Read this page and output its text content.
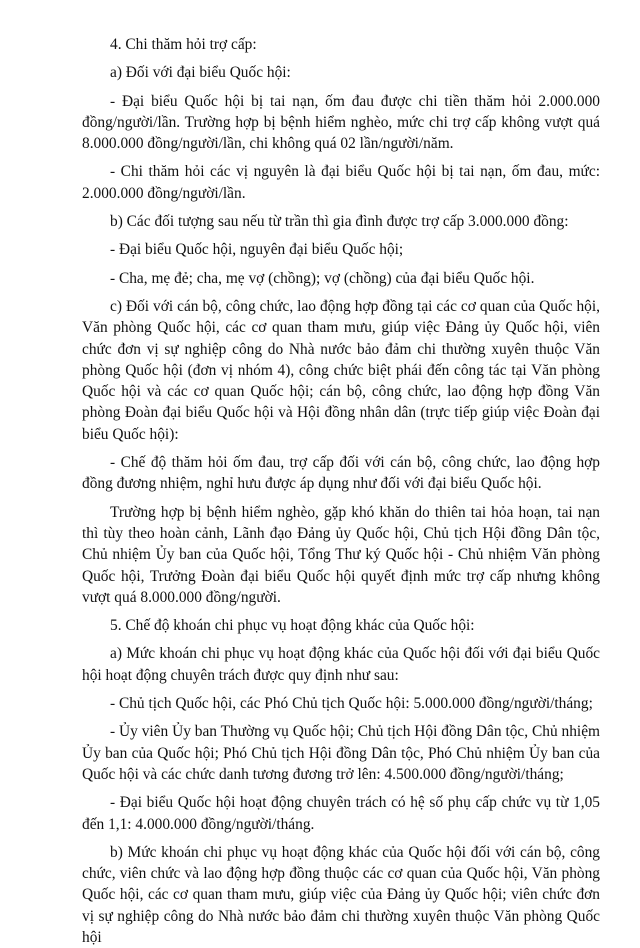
4. Chi thăm hỏi trợ cấp:

a) Đối với đại biểu Quốc hội:

- Đại biểu Quốc hội bị tai nạn, ốm đau được chi tiền thăm hỏi 2.000.000 đồng/người/lần. Trường hợp bị bệnh hiểm nghèo, mức chi trợ cấp không vượt quá 8.000.000 đồng/người/lần, chi không quá 02 lần/người/năm.

- Chi thăm hỏi các vị nguyên là đại biểu Quốc hội bị tai nạn, ốm đau, mức: 2.000.000 đồng/người/lần.

b) Các đối tượng sau nếu từ trần thì gia đình được trợ cấp 3.000.000 đồng:

- Đại biểu Quốc hội, nguyên đại biểu Quốc hội;

- Cha, mẹ đẻ; cha, mẹ vợ (chồng); vợ (chồng) của đại biểu Quốc hội.

c) Đối với cán bộ, công chức, lao động hợp đồng tại các cơ quan của Quốc hội, Văn phòng Quốc hội, các cơ quan tham mưu, giúp việc Đảng ủy Quốc hội, viên chức đơn vị sự nghiệp công do Nhà nước bảo đảm chi thường xuyên thuộc Văn phòng Quốc hội (đơn vị nhóm 4), công chức biệt phái đến công tác tại Văn phòng Quốc hội và các cơ quan Quốc hội; cán bộ, công chức, lao động hợp đồng Văn phòng Đoàn đại biểu Quốc hội và Hội đồng nhân dân (trực tiếp giúp việc Đoàn đại biểu Quốc hội):

- Chế độ thăm hỏi ốm đau, trợ cấp đối với cán bộ, công chức, lao động hợp đồng đương nhiệm, nghỉ hưu được áp dụng như đối với đại biểu Quốc hội.

Trường hợp bị bệnh hiểm nghèo, gặp khó khăn do thiên tai hỏa hoạn, tai nạn thì tùy theo hoàn cảnh, Lãnh đạo Đảng ủy Quốc hội, Chủ tịch Hội đồng Dân tộc, Chủ nhiệm Ủy ban của Quốc hội, Tổng Thư ký Quốc hội - Chủ nhiệm Văn phòng Quốc hội, Trưởng Đoàn đại biểu Quốc hội quyết định mức trợ cấp nhưng không vượt quá 8.000.000 đồng/người.

5. Chế độ khoán chi phục vụ hoạt động khác của Quốc hội:

a) Mức khoán chi phục vụ hoạt động khác của Quốc hội đối với đại biểu Quốc hội hoạt động chuyên trách được quy định như sau:

- Chủ tịch Quốc hội, các Phó Chủ tịch Quốc hội: 5.000.000 đồng/người/tháng;

- Ủy viên Ủy ban Thường vụ Quốc hội; Chủ tịch Hội đồng Dân tộc, Chủ nhiệm Ủy ban của Quốc hội; Phó Chủ tịch Hội đồng Dân tộc, Phó Chủ nhiệm Ủy ban của Quốc hội và các chức danh tương đương trở lên: 4.500.000 đồng/người/tháng;

- Đại biểu Quốc hội hoạt động chuyên trách có hệ số phụ cấp chức vụ từ 1,05 đến 1,1: 4.000.000 đồng/người/tháng.

b) Mức khoán chi phục vụ hoạt động khác của Quốc hội đối với cán bộ, công chức, viên chức và lao động hợp đồng thuộc các cơ quan của Quốc hội, Văn phòng Quốc hội, các cơ quan tham mưu, giúp việc của Đảng ủy Quốc hội; viên chức đơn vị sự nghiệp công do Nhà nước bảo đảm chi thường xuyên thuộc Văn phòng Quốc hội
